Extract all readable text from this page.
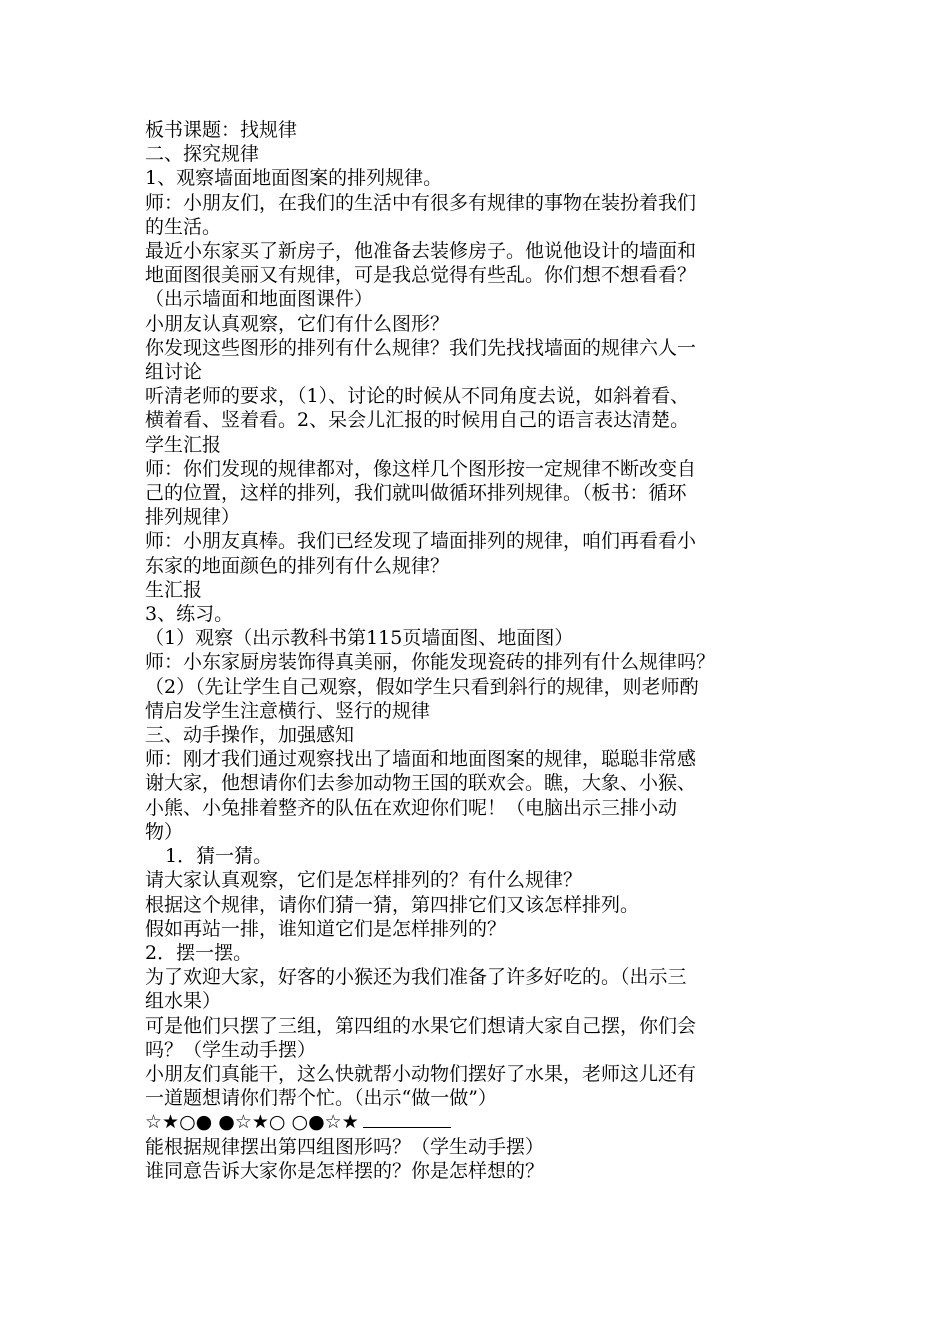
板书课题：找规律
二、探究规律
1、观察墙面地面图案的排列规律。
师：小朋友们，在我们的生活中有很多有规律的事物在装扮着我们
的生活。
最近小东家买了新房子，他准备去装修房子。他说他设计的墙面和
地面图很美丽又有规律，可是我总觉得有些乱。你们想不想看看？
（出示墙面和地面图课件）
小朋友认真观察，它们有什么图形？
你发现这些图形的排列有什么规律？我们先找找墙面的规律六人一
组讨论
听清老师的要求，（1）、讨论的时候从不同角度去说，如斜着看、
横着看、竖着看。2、呆会儿汇报的时候用自己的语言表达清楚。
学生汇报
师：你们发现的规律都对，像这样几个图形按一定规律不断改变自
己的位置，这样的排列，我们就叫做循环排列规律。（板书：循环
排列规律）
师：小朋友真棒。我们已经发现了墙面排列的规律，咱们再看看小
东家的地面颜色的排列有什么规律？
生汇报
3、练习。
（1）观察（出示教科书第115页墙面图、地面图）
师：小东家厨房装饰得真美丽，你能发现瓷砖的排列有什么规律吗？
（2）（先让学生自己观察，假如学生只看到斜行的规律，则老师酌
情启发学生注意横行、竖行的规律
三、动手操作，加强感知
师：刚才我们通过观察找出了墙面和地面图案的规律，聪聪非常感
谢大家，他想请你们去参加动物王国的联欢会。瞧，大象、小猴、
小熊、小兔排着整齐的队伍在欢迎你们呢！（电脑出示三排小动
物）
1．猜一猜。
请大家认真观察，它们是怎样排列的？有什么规律？
根据这个规律，请你们猜一猜，第四排它们又该怎样排列。
假如再站一排，谁知道它们是怎样排列的？
2．摆一摆。
为了欢迎大家，好客的小猴还为我们准备了许多好吃的。（出示三
组水果）
可是他们只摆了三组，第四组的水果它们想请大家自己摆，你们会
吗？（学生动手摆）
小朋友们真能干，这么快就帮小动物们摆好了水果，老师这儿还有
一道题想请你们帮个忙。（出示“做一做”）
☆★○● ●☆★○ ○●☆★
能根据规律摆出第四组图形吗？（学生动手摆）
谁同意告诉大家你是怎样摆的？你是怎样想的？
